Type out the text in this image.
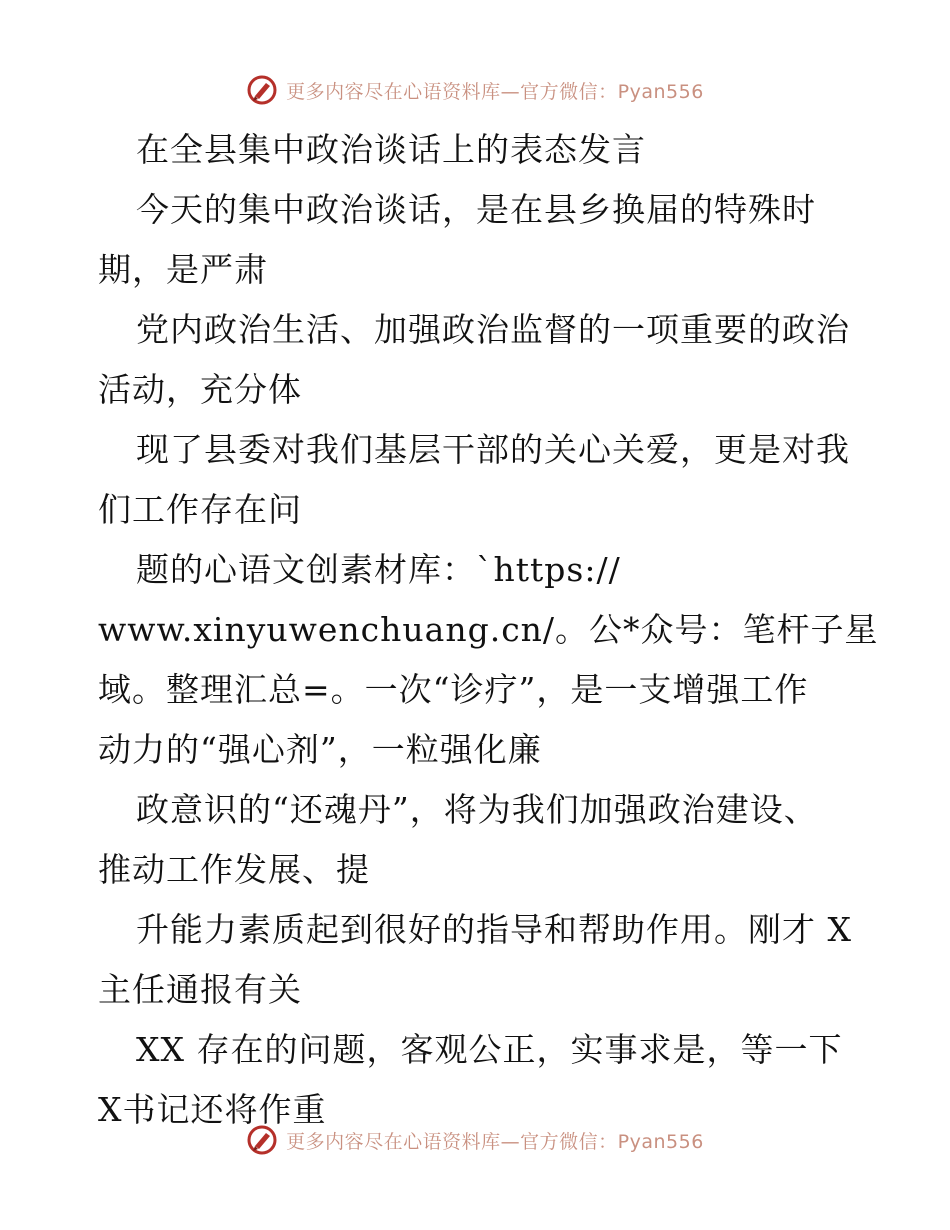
更多内容尽在心语资料库—官方微信：Pyan556
在全县集中政治谈话上的表态发言
今天的集中政治谈话，是在县乡换届的特殊时
期，是严肃
党内政治生活、加强政治监督的一项重要的政治
活动，充分体
现了县委对我们基层干部的关心关爱，更是对我
们工作存在问
题的心语文创素材库：`https://
www.xinyuwenchuang.cn/。公*众号：笔杆子星
域。整理汇总=。一次“诊疗”，是一支增强工作
动力的“强心剂”，一粒强化廉
政意识的“还魂丹”，将为我们加强政治建设、
推动工作发展、提
升能力素质起到很好的指导和帮助作用。刚才 X
主任通报有关
XX 存在的问题，客观公正，实事求是，等一下
X书记还将作重
更多内容尽在心语资料库—官方微信：Pyan556
